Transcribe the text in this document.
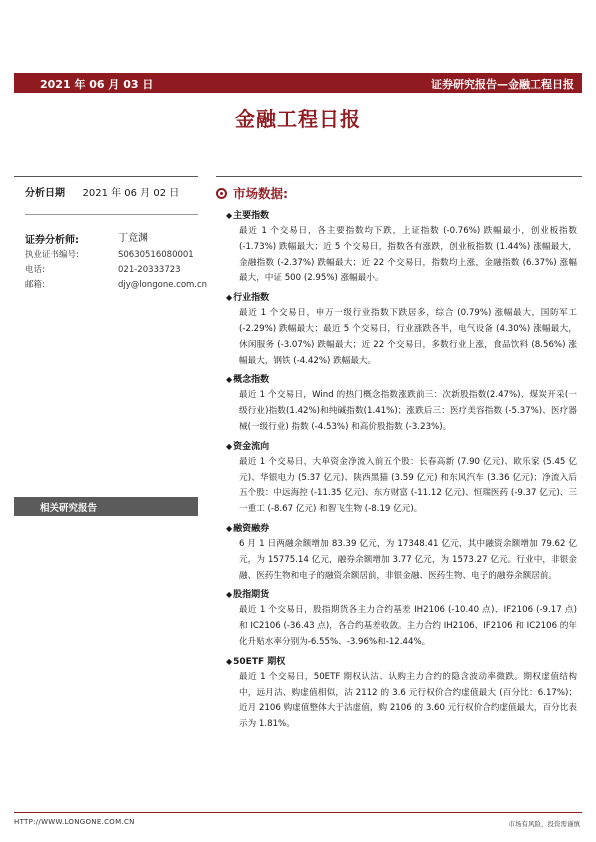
2021 年 06 月 03 日	证券研究报告—金融工程日报
金融工程日报
分析日期 2021 年 06 月 02 日
证券分析师:	丁竞渊
执业证书编号:	S0630516080001
电话:	021-20333723
邮箱:	djy@longone.com.cn
相关研究报告
市场数据:
◆主要指数
最近 1 个交易日，各主要指数均下跌，上证指数 (-0.76%) 跌幅最小，创业板指数 (-1.73%) 跌幅最大；近 5 个交易日，指数各有涨跌，创业板指数 (1.44%) 涨幅最大，金融指数 (-2.37%) 跌幅最大；近 22 个交易日，指数均上涨，金融指数 (6.37%) 涨幅最大，中证 500 (2.95%) 涨幅最小。
◆行业指数
最近 1 个交易日，申万一级行业指数下跌居多，综合 (0.79%) 涨幅最大，国防军工 (-2.29%) 跌幅最大；最近 5 个交易日，行业涨跌各半，电气设备 (4.30%) 涨幅最大，休闲服务 (-3.07%) 跌幅最大；近 22 个交易日，多数行业上涨，食品饮料 (8.56%) 涨幅最大，钢铁 (-4.42%) 跌幅最大。
◆概念指数
最近 1 个交易日，Wind 的热门概念指数涨跌前三：次新股指数(2.47%)、煤炭开采(一级行业)指数(1.42%)和纯碱指数(1.41%)；涨跌后三：医疗美容指数 (-5.37%)、医疗器械(一级行业) 指数 (-4.53%) 和高价股指数 (-3.23%)。
◆资金流向
最近 1 个交易日，大单资金净流入前五个股：长春高新 (7.90 亿元)、欧乐家 (5.45 亿元)、华银电力 (5.37 亿元)、陕西黑猫 (3.59 亿元) 和东风汽车 (3.36 亿元)；净流入后五个股：中远海控 (-11.35 亿元)、东方财富 (-11.12 亿元)、恒瑞医药 (-9.37 亿元)、三一重工 (-8.67 亿元) 和智飞生物 (-8.19 亿元)。
◆融资融券
6 月 1 日两融余额增加 83.39 亿元，为 17348.41 亿元，其中融资余额增加 79.62 亿元，为 15775.14 亿元，融券余额增加 3.77 亿元，为 1573.27 亿元。行业中，非银金融、医药生物和电子的融资余额居前，非银金融、医药生物、电子的融券余额居前。
◆股指期货
最近 1 个交易日，股指期货各主力合约基差 IH2106 (-10.40 点)、IF2106 (-9.17 点) 和 IC2106 (-36.43 点)，各合约基差收敛。主力合约 IH2106、IF2106 和 IC2106 的年化升贴水率分别为-6.55%、-3.96%和-12.44%。
◆50ETF 期权
最近 1 个交易日，50ETF 期权认沽、认购主力合约的隐含波动率微跌。期权虚值结构中，远月沽、购虚值相似，沽 2112 的 3.6 元行权价合约虚值最大 (百分比：6.17%)；近月 2106 购虚值整体大于沽虚值，购 2106 的 3.60 元行权价合约虚值最大，百分比表示为 1.81%。
HTTP://WWW.LONGONE.COM.CN	市场有风险，投资需谨慎
